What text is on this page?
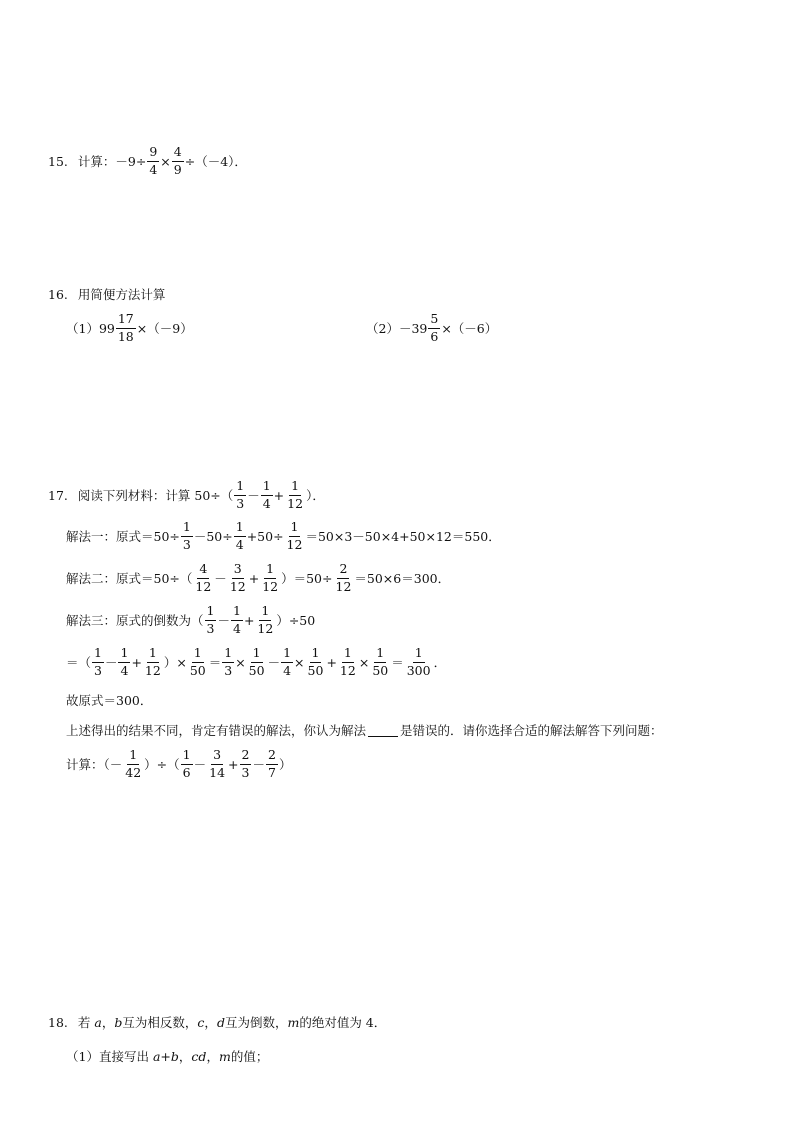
15. 计算： $-9\div \frac{9}{4} \times \frac{4}{9} \div(-4)$．
16. 用简便方法计算
（1） $99 \frac{17}{18} \times(-9)$	$(2) -39 \frac{5}{6} \times(-6)$
17. 阅读下列材料：计算 $50\div( \frac{1}{3} - \frac{1}{4} + \frac{1}{12}$ ）．
解法一：原式$=50\div \frac{1}{3} -50\div \frac{1}{4} +50\div \frac{1}{12} =50\times 3-50\times 4+50\times 12=550$．
解法二：原式$=50\div( \frac{4}{12} - \frac{3}{12} + \frac{1}{12} )=50\div \frac{2}{12} =50\times 6=300$．
解法三：原式的倒数为（ $\frac{1}{3} - \frac{1}{4} + \frac{1}{12} )\div 50$
＝（ $\frac{1}{3} - \frac{1}{4} + \frac{1}{12}$ ）× $\frac{1}{50} = \frac{1}{3} \times \frac{1}{50} - \frac{1}{4} \times \frac{1}{50} + \frac{1}{12} \times \frac{1}{50} = \frac{1}{300}$ ．
故原式＝300．
上述得出的结果不同，肯定有错误的解法，你认为解法	是错误的．请你选择合适的解法解答下列问题：
计算：（－ $\frac{1}{42}$ ）÷（ $\frac{1}{6} - \frac{3}{14} + \frac{2}{3} - \frac{2}{7}$ ）
18. 若 a ， b 互为相反数， c ， d 互为倒数， m 的绝对值为 4．
（1）直接写出 a+b ， cd ， m 的值；
